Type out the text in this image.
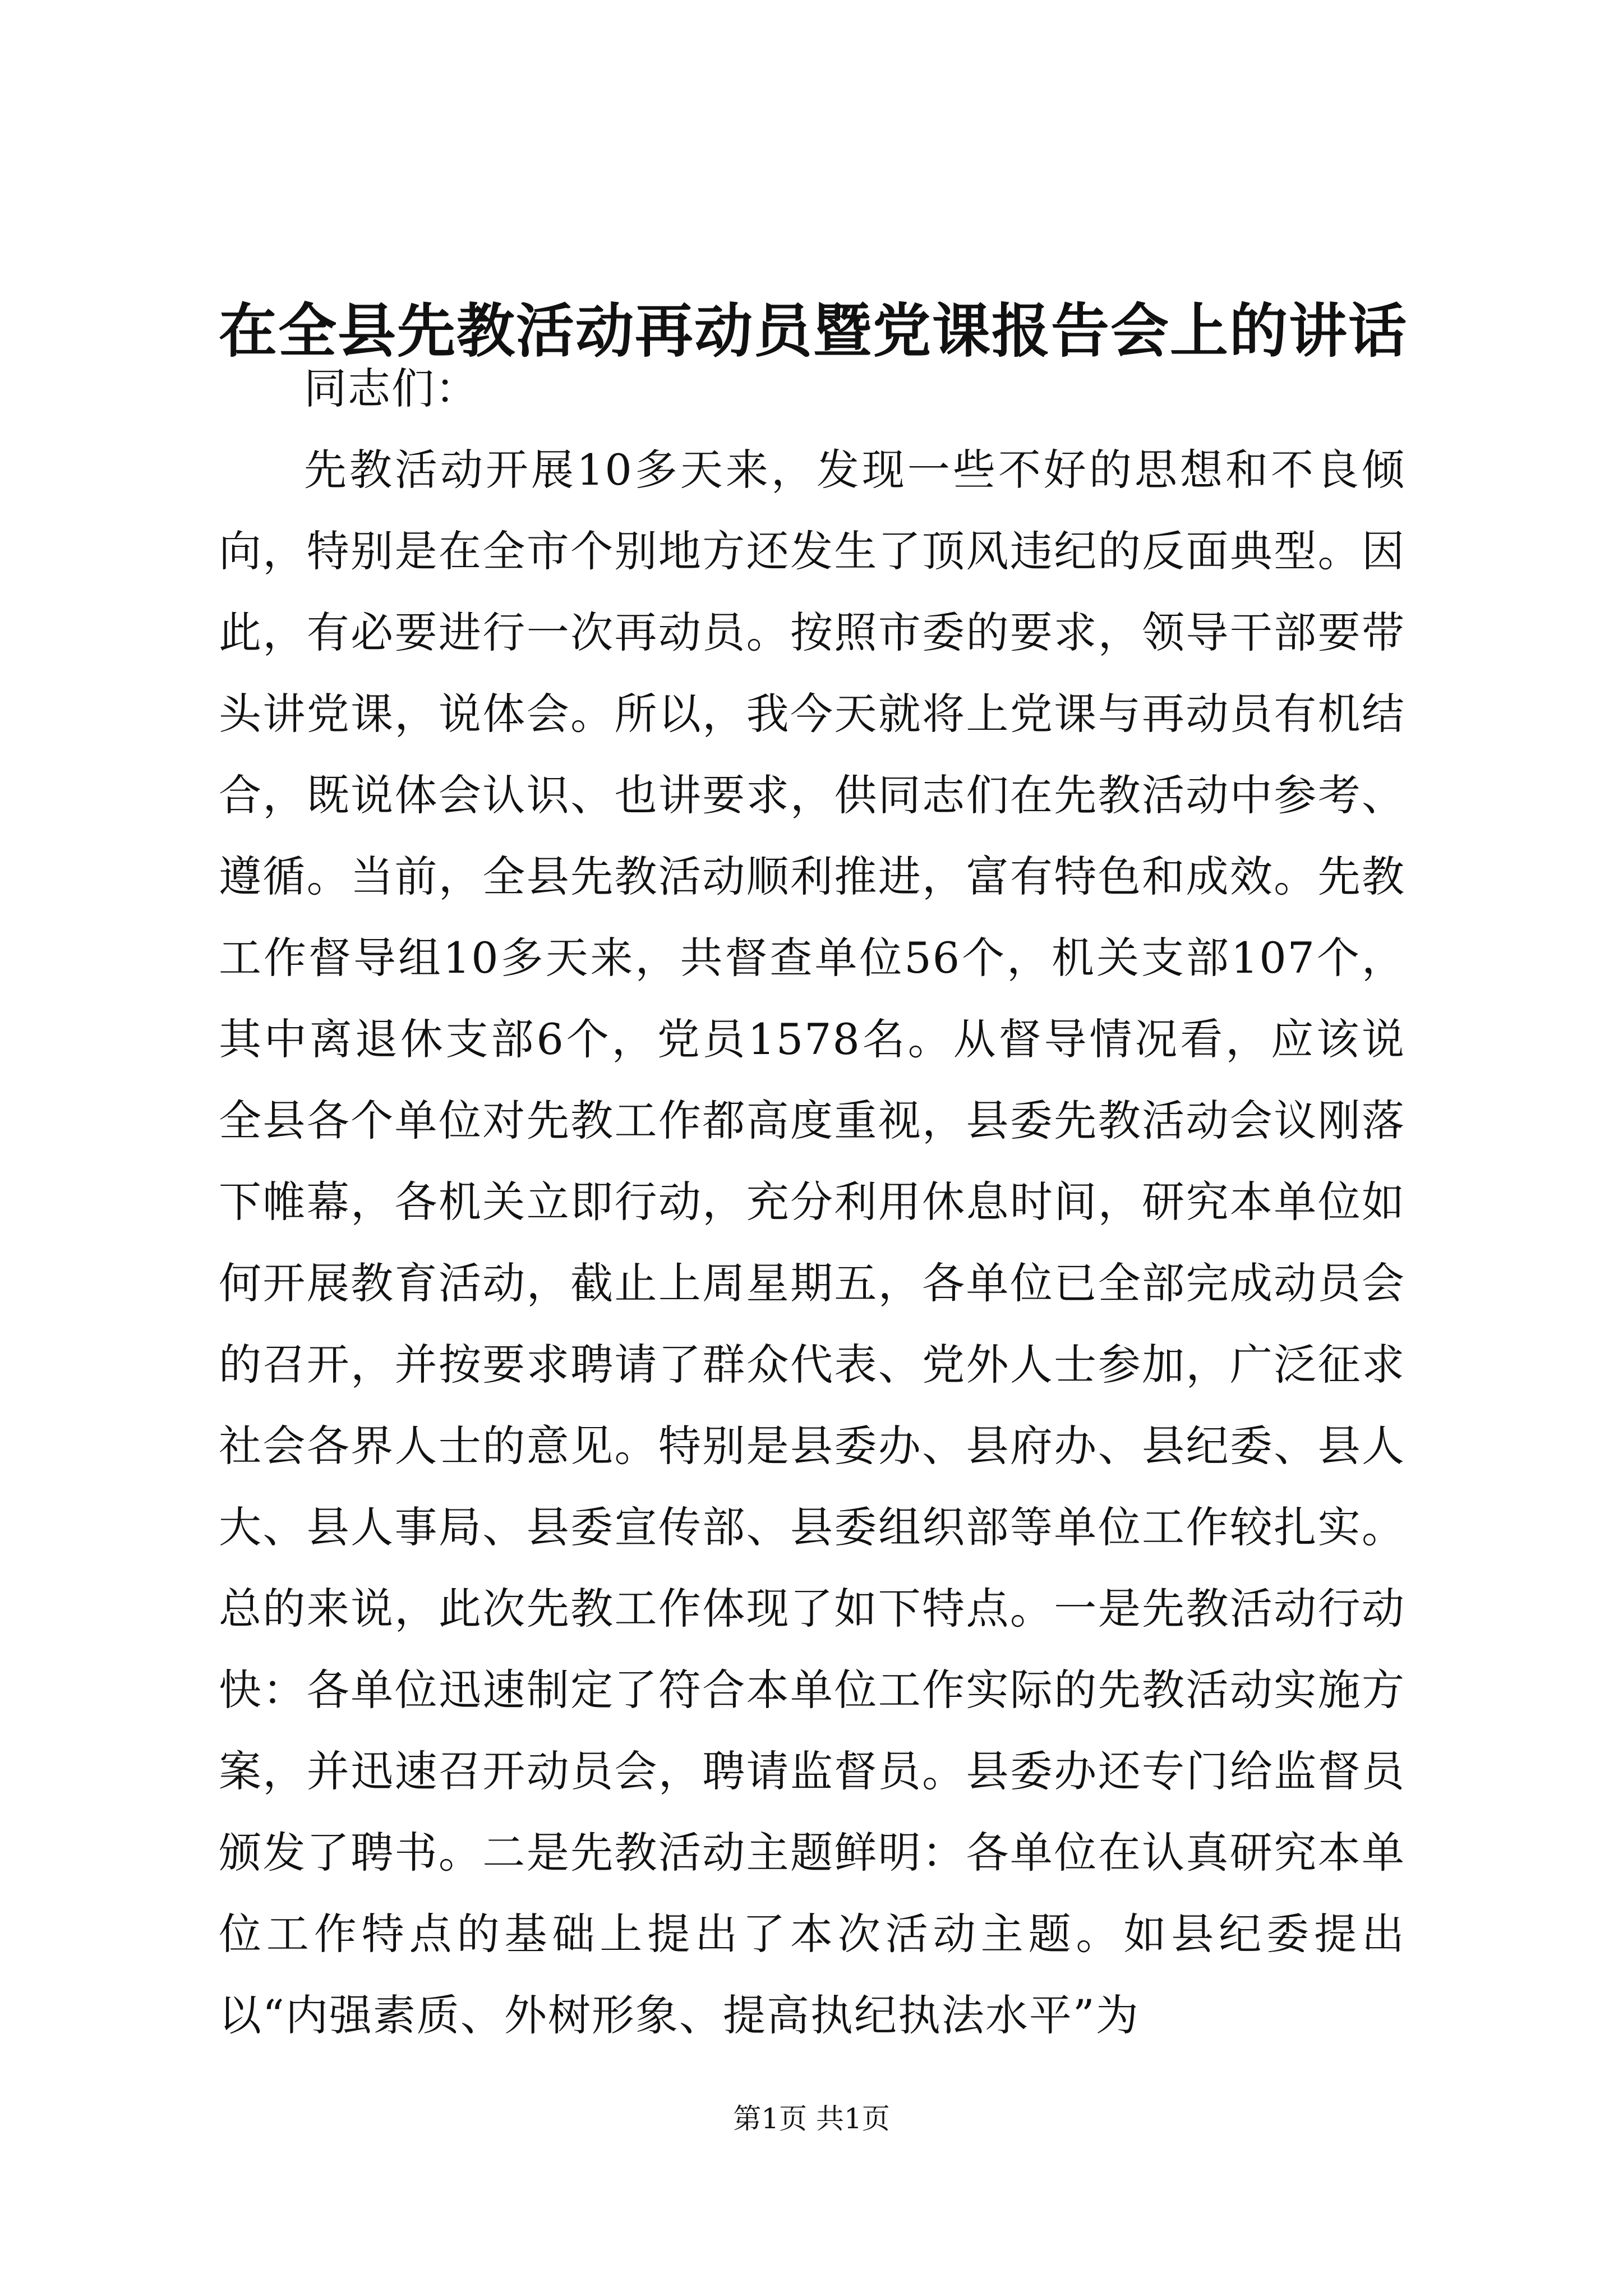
在全县先教活动再动员暨党课报告会上的讲话

同志们：

先教活动开展10多天来，发现一些不好的思想和不良倾向，特别是在全市个别地方还发生了顶风违纪的反面典型。因此，有必要进行一次再动员。按照市委的要求，领导干部要带头讲党课，说体会。所以，我今天就将上党课与再动员有机结合，既说体会认识、也讲要求，供同志们在先教活动中参考、遵循。当前，全县先教活动顺利推进，富有特色和成效。先教工作督导组10多天来，共督查单位56个，机关支部107个，其中离退休支部6个，党员1578名。从督导情况看，应该说全县各个单位对先教工作都高度重视，县委先教活动会议刚落下帷幕，各机关立即行动，充分利用休息时间，研究本单位如何开展教育活动，截止上周星期五，各单位已全部完成动员会的召开，并按要求聘请了群众代表、党外人士参加，广泛征求社会各界人士的意见。特别是县委办、县府办、县纪委、县人大、县人事局、县委宣传部、县委组织部等单位工作较扎实。总的来说，此次先教工作体现了如下特点。一是先教活动行动快：各单位迅速制定了符合本单位工作实际的先教活动实施方案，并迅速召开动员会，聘请监督员。县委办还专门给监督员颁发了聘书。二是先教活动主题鲜明：各单位在认真研究本单位工作特点的基础上提出了本次活动主题。如县纪委提出以“内强素质、外树形象、提高执纪执法水平”为

第1页 共1页
